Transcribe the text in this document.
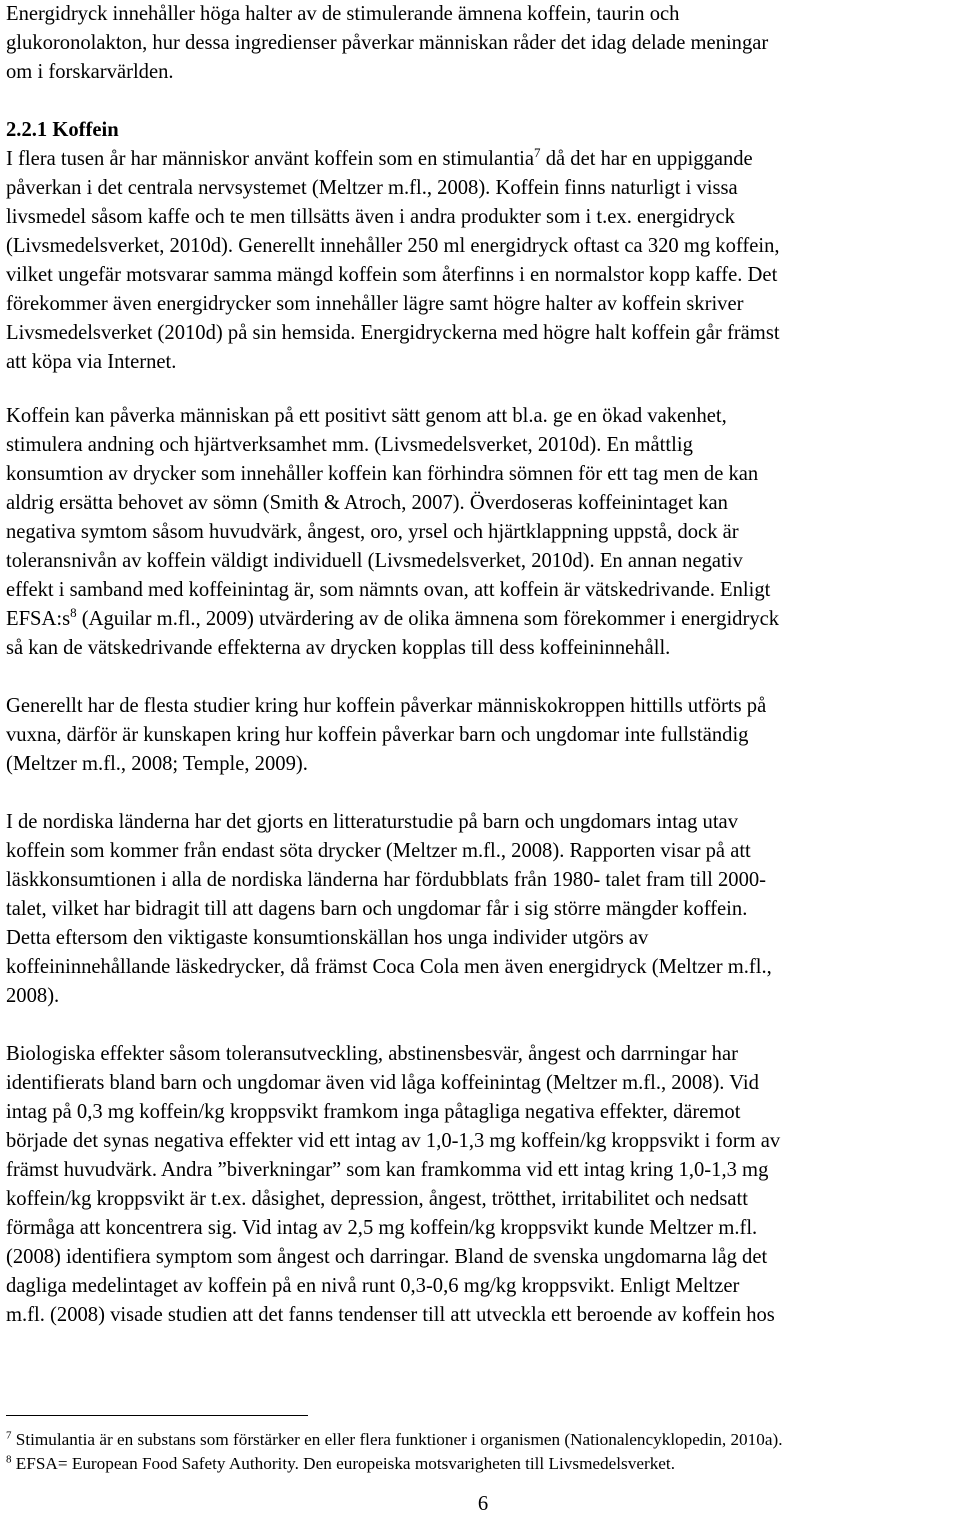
Energidryck innehåller höga halter av de stimulerande ämnena koffein, taurin och
glukoronolakton, hur dessa ingredienser påverkar människan råder det idag delade meningar
om i forskarvärlden.

2.2.1 Koffein
I flera tusen år har människor använt koffein som en stimulantia$^7$ då det har en uppiggande
påverkan i det centrala nervsystemet (Meltzer m.fl., 2008). Koffein finns naturligt i vissa
livsmedel såsom kaffe och te men tillsätts även i andra produkter som i t.ex. energidryck
(Livsmedelsverket, 2010d). Generellt innehåller 250 ml energidryck oftast ca 320 mg koffein,
vilket ungefär motsvarar samma mängd koffein som återfinns i en normalstor kopp kaffe. Det
förekommer även energidrycker som innehåller lägre samt högre halter av koffein skriver
Livsmedelsverket (2010d) på sin hemsida. Energidryckerna med högre halt koffein går främst
att köpa via Internet.

Koffein kan påverka människan på ett positivt sätt genom att bl.a. ge en ökad vakenhet,
stimulera andning och hjärtverksamhet mm. (Livsmedelsverket, 2010d). En måttlig
konsumtion av drycker som innehåller koffein kan förhindra sömnen för ett tag men de kan
aldrig ersätta behovet av sömn (Smith & Atroch, 2007). Överdoseras koffeinintaget kan
negativa symtom såsom huvudvärk, ångest, oro, yrsel och hjärtklappning uppstå, dock är
toleransnivån av koffein väldigt individuell (Livsmedelsverket, 2010d). En annan negativ
effekt i samband med koffeinintag är, som nämnts ovan, att koffein är vätskedrivande. Enligt
$EFSA:s^8$ (Aguilar m.fl., 2009) utvärdering av de olika ämnena som förekommer i energidryck
så kan de vätskedrivande effekterna av drycken kopplas till dess koffeininnehåll.

Generellt har de flesta studier kring hur koffein påverkar människokroppen hittills utförts på
vuxna, därför är kunskapen kring hur koffein påverkar barn och ungdomar inte fullständig
(Meltzer m.fl., 2008; Temple, 2009).

I de nordiska länderna har det gjorts en litteraturstudie på barn och ungdomars intag utav
koffein som kommer från endast söta drycker (Meltzer m.fl., 2008). Rapporten visar på att
läskkonsumtionen i alla de nordiska länderna har fördubblats från 1980- talet fram till 2000-
talet, vilket har bidragit till att dagens barn och ungdomar får i sig större mängder koffein.
Detta eftersom den viktigaste konsumtionskällan hos unga individer utgörs av
koffeininnehållande läskedrycker, då främst Coca Cola men även energidryck (Meltzer m.fl.,
2008).

Biologiska effekter såsom toleransutveckling, abstinensbesvär, ångest och darrningar har
identifierats bland barn och ungdomar även vid låga koffeinintag (Meltzer m.fl., 2008). Vid
intag på 0,3 mg koffein/kg kroppsvikt framkom inga påtagliga negativa effekter, däremot
började det synas negativa effekter vid ett intag av 1,0-1,3 mg koffein/kg kroppsvikt i form av
främst huvudvärk. Andra ”biverkningar” som kan framkomma vid ett intag kring 1,0-1,3 mg
koffein/kg kroppsvikt är t.ex. dåsighet, depression, ångest, trötthet, irritabilitet och nedsatt
förmåga att koncentrera sig. Vid intag av 2,5 mg koffein/kg kroppsvikt kunde Meltzer m.fl.
(2008) identifiera symptom som ångest och darringar. Bland de svenska ungdomarna låg det
dagliga medelintaget av koffein på en nivå runt 0,3-0,6 mg/kg kroppsvikt. Enligt Meltzer
m.fl. (2008) visade studien att det fanns tendenser till att utveckla ett beroende av koffein hos

$^7$ Stimulantia är en substans som förstärker en eller flera funktioner i organismen (Nationalencyklopedin, 2010a).
$^8$ EFSA= European Food Safety Authority. Den europeiska motsvarigheten till Livsmedelsverket.
6
